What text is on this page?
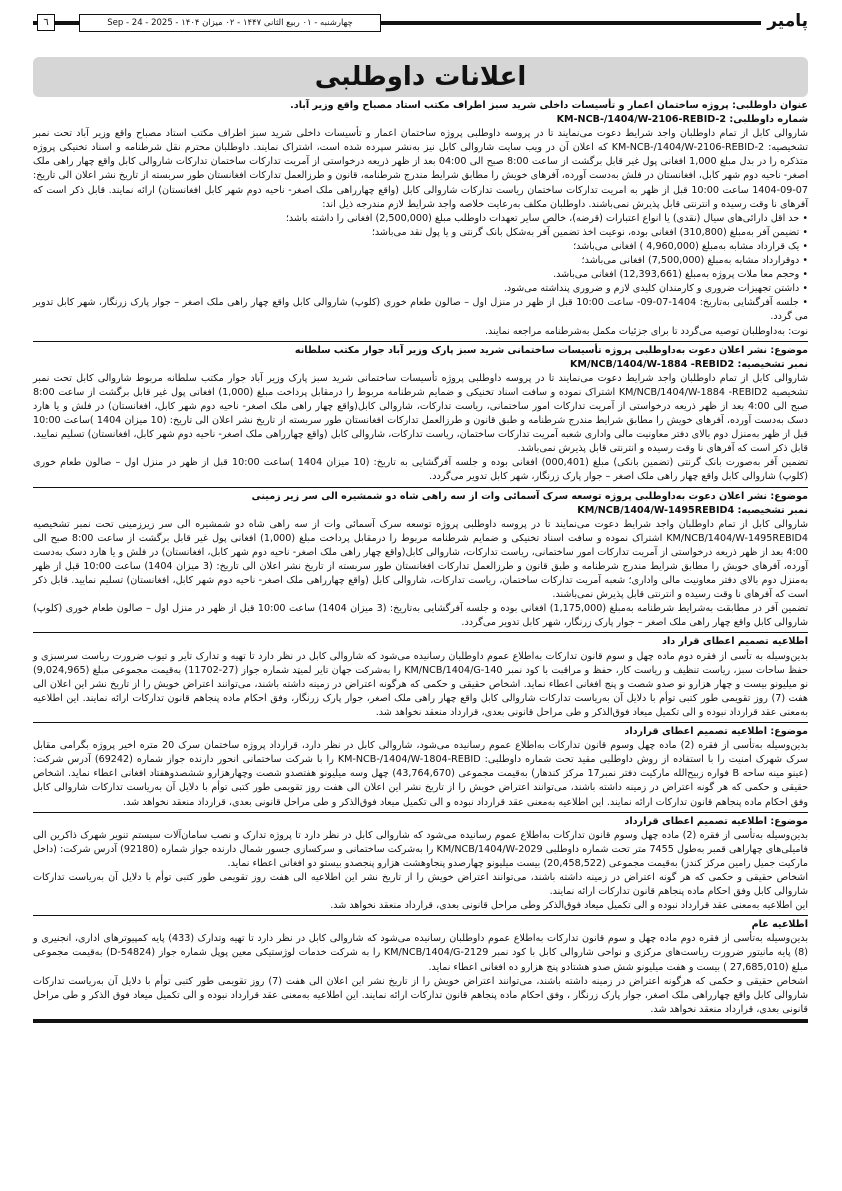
پامیر
چهارشنبه - ۰۱ ربیع الثانی ۱۴۴۷ - ۰۲ میزان ۱۴۰۴ - 2025 - 24 - Sep
٦
اعلانات داوطلبی

عنوان داوطلبی: پروژه ساختمان اعمار و تأسیسات داخلی شرید سبز اطراف مکتب استاد مصباح واقع وزیر آباد.

شماره داوطلبی: KM-NCB-/1404/W-2106-REBID-2

شاروالی کابل از تمام داوطلبان واجد شرایط دعوت می‌نمایند تا در پروسه داوطلبی پروژه ساختمان اعمار و تأسیسات داخلی شرید سبز اطراف مکتب استاد مصباح واقع وزیر آباد تحت نمبر تشخیصیه: KM-NCB-/1404/W-2106-REBID-2 که اعلان آن در ویب سایت شاروالی کابل نیز به‌نشر سپرده شده است، اشتراک نمایند. داوطلبان محترم نقل شرطنامه و اسناد تخنیکی پروژه متذکره را در بدل مبلغ 1,000 افغانی پول غیر قابل برگشت از ساعت 8:00 صبح الی 04:00 بعد از ظهر ذریعه درخواستی از آمریت تدارکات ساختمان تدارکات شاروالی کابل واقع چهار راهی ملک اصغر- ناحیه دوم شهر کابل، افغانستان در فلش به‌دست آورده، آفرهای خویش را مطابق شرایط مندرج شرطنامه، قانون و طرزالعمل تدارکات افغانستان طور سربسته از تاریخ نشر اعلان الی تاریخ: 07-09-1404 ساعت 10:00 قبل از ظهر به امریت تدارکات ساختمان ریاست تدارکات شاروالی کابل (واقع چهارراهی ملک اصغر- ناحیه دوم شهر کابل افغانستان) ارائه نمایند. قابل ذکر است که آفرهای نا وقت رسیده و انترنتی قابل پذیرش نمی‌باشند. داوطلبان مکلف به‌رعایت خلاصه واجد شرایط لازم مندرجه ذیل اند:

• حد اقل دارائی‌های سیال (نقدی) یا انواع اعتبارات (قرضه)، خالص سایر تعهدات داوطلب مبلغ (2,500,000) افغانی را داشته باشد؛
• تضیمن آفر به‌مبلغ (310,800) افغانی بوده، نوعیت اخذ تضمین آفر به‌شکل بانک گرنتی و یا پول نقد می‌باشد؛
• یک قرارداد مشابه به‌مبلغ (4,960,000 ) افغانی می‌باشد؛
• دوقرارداد مشابه به‌مبلغ (7,500,000) افغانی می‌باشد؛
• وحجم معا ملات پروژه به‌مبلغ (12,393,661) افغانی می‌باشد.
• داشتن تجهیزات ضروری و کارمندان کلیدی لازم و ضروری پنداشته می‌شود.
• جلسه آفرگشایی به‌تاریخ: 1404-07-09- ساعت 10:00 قبل از ظهر در منزل اول – صالون طعام خوری (کلوپ) شاروالی کابل واقع چهار راهی ملک اصغر – جوار پارک زرنگار، شهر کابل تدویر می گردد.

نوت: به‌داوطلبان توصیه می‌گردد تا برای جزئیات مکمل به‌شرطنامه مراجعه نمایند.

موضوع: نشر اعلان دعوت به‌داوطلبی پروژه تأسیسات ساختمانی شرید سبز پارک وزیر آباد جوار مکتب سلطانه

نمبر تشخیصیه: KM/NCB/1404/W-1884 -REBID2

شاروالی کابل از تمام داوطلبان واجد شرایط دعوت می‌نمایند تا در پروسه داوطلبی پروژه تأسیسات ساختمانی شرید سبز پارک وزیر آباد جوار مکتب سلطانه مربوط شاروالی کابل تحت نمبر تشخیصیه KM/NCB/1404/W-1884 -REBID2 اشتراک نموده و سافت اسناد تخنیکی و ضمایم شرطنامه مربوط را درمقابل پرداخت مبلغ (1,000) افغانی پول غیر قابل برگشت از ساعت 8:00 صبح الی 4:00 بعد از ظهر ذریعه درخواستی از آمریت تدارکات امور ساختمانی، ریاست تدارکات، شاروالی کابل(واقع چهار راهی ملک اصغر- ناحیه دوم شهر کابل، افغانستان) در فلش و یا هارد دسک به‌دست آورده، آفرهای خویش را مطابق شرایط مندرج شرطنامه و طبق قانون و طرزالعمل تدارکات افغانستان طور سربسته از تاریخ نشر اعلان الی تاریخ: (10 میزان 1404 )ساعت 10:00 قبل از ظهر به‌منزل دوم بالای دفتر معاونیت مالی واداری شعبه آمریت تدارکات ساختمان، ریاست تدارکات، شاروالی کابل (واقع چهارراهی ملک اصغر- ناحیه دوم شهر کابل، افغانستان) تسلیم نمایید. قابل ذکر است که آفرهای نا وقت رسیده و انترنتی قابل پذیرش نمی‌باشد.

تضمین آفر به‌صورت بانک گرنتی (تضمین بانکی) مبلغ (000,401) افغانی بوده و جلسه آفرگشایی به تاریخ: (10 میزان 1404 )ساعت 10:00 قبل از ظهر در منزل اول – صالون طعام خوری (کلوپ) شاروالی کابل واقع چهار راهی ملک اصغر – جوار پارک زرنگار، شهر کابل تدویر می‌گردد.

موضوع: نشر اعلان دعوت به‌داوطلبی پروژه توسعه سرک آسمائی وات از سه راهی شاه دو شمشیره الی سر زیر زمینی

نمبر تشخیصیه: KM/NCB/1404/W-1495REBID4

شاروالی کابل از تمام داوطلبان واجد شرایط دعوت می‌نمایند تا در پروسه داوطلبی پروژه توسعه سرک آسمائی وات از سه راهی شاه دو شمشیره الی سر زیرزمینی تحت نمبر تشخیصیه KM/NCB/1404/W-1495REBID4 اشتراک نموده و سافت اسناد تخنیکی و ضمایم شرطنامه مربوط را درمقابل پرداخت مبلغ (1,000) افغانی پول غیر قابل برگشت از ساعت 8:00 صبح الی 4:00 بعد از ظهر ذریعه درخواستی از آمریت تدارکات امور ساختمانی، ریاست تدارکات، شاروالی کابل(واقع چهار راهی ملک اصغر- ناحیه دوم شهر کابل، افغانستان) در فلش و یا هارد دسک به‌دست آورده، آفرهای خویش را مطابق شرایط مندرج شرطنامه و طبق قانون و طرزالعمل تدارکات افغانستان طور سربسته از تاریخ نشر اعلان الی تاریخ: (3 میزان 1404) ساعت 10:00 قبل از ظهر به‌منزل دوم بالای دفتر معاونیت مالی واداری؛ شعبه آمریت تدارکات ساختمان، ریاست تدارکات، شاروالی کابل (واقع چهارراهی ملک اصغر- ناحیه دوم شهر کابل، افغانستان) تسلیم نمایید. قابل ذکر است که آفرهای نا وقت رسیده و انترنتی قابل پذیرش نمی‌باشند.

تضمین آفر در مطابقت به‌شرایط شرطنامه به‌مبلغ (1,175,000) افغانی بوده و جلسه آفرگشایی به‌تاریخ: (3 میزان 1404) ساعت 10:00 قبل از ظهر در منزل اول – صالون طعام خوری (کلوپ) شاروالی کابل واقع چهار راهی ملک اصغر – جوار پارک زرنگار، شهر کابل تدویر می‌گردد.

اطلاعیه تصمیم اعطای قرار داد

بدین‌وسیله به تأسی از فقره دوم ماده چهل و سوم قانون تدارکات به‌اطلاع عموم داوطلبان رسانیده می‌شود که شاروالی کابل در نظر دارد تا تهیه و تدارک تایر و تیوب ضرورت ریاست سرسبزی و حفظ ساحات سبز، ریاست تنظیف و ریاست کار، حفظ و مراقبت با کود نمبر KM/NCB/1404/G-140 را به‌شرکت جهان تایر لمیټد شماره جواز (27-11702) به‌قیمت مجموعی مبلغ (9,024,965) نو میلیونو بیست و چهار هزارو نو صدو شصت و پنج افغانی اعطاء نماید. اشخاص حقیقی و حکمی که هرگونه اعتراض در زمینه داشته باشند، می‌توانند اعتراض خویش را از تاریخ نشر این اعلان الی هفت (7) روز تقویمی طور کتبی توأم با دلایل آن به‌ریاست تدارکات شاروالی کابل واقع چهار راهی ملک اصغر، جوار پارک زرنگار، وفق احکام ماده پنجاهم قانون تدارکات ارائه نمایند. این اطلاعیه به‌معنی عقد قرارداد نبوده و الی تکمیل میعاد فوق‌الذکر و طی مراحل قانونی بعدی، قرارداد منعقد نخواهد شد.

موضوع: اطلاعیه تصمیم اعطای قرارداد

بدین‌وسیله به‌تأسی از فقره (2) ماده چهل وسوم قانون تدارکات به‌اطلاع عموم رسانیده می‌شود، شاروالی کابل در نظر دارد، قرارداد پروژه ساختمان سرک 20 متره اخیر پروژه بگرامی مقابل سرک شهرک امنیت را با استفاده از روش داوطلبی مقید تحت شماره داوطلبی: KM-NCB-/1404/W-1804-REBID را با شرکت ساختمانی انحور دارنده جواز شماره (69242) آدرس شرکت: (عینو مینه ساحه B فواره زبیح‌الله مارکیت دفتر نمبر17 مرکز کندهار) به‌قیمت مجموعی (43,764,670) چهل وسه میلیونو هفتصدو شصت وچهارهزارو ششصدوهفتاد افغانی اعطاء نماید. اشخاص حقیقی و حکمی که هر گونه اعتراض در زمینه داشته باشند، می‌توانند اعتراض خویش را از تاریخ نشر این اعلان الی هفت روز تقویمی طور کتبی توأم با دلایل آن به‌ریاست تدارکات شاروالی کابل وفق احکام ماده پنجاهم قانون تدارکات ارائه نمایند. این اطلاعیه به‌معنی عقد قرارداد نبوده و الی تکمیل میعاد فوق‌الذکر و طی مراحل قانونی بعدی، قرارداد منعقد نخواهد شد.

موضوع: اطلاعیه تصمیم اعطای قرارداد

بدین‌وسیله به‌تأسی از فقره (2) ماده چهل وسوم قانون تدارکات به‌اطلاع عموم رسانیده می‌شود که شاروالی کابل در نظر دارد تا پروژه تدارک و نصب سامان‌آلات سیستم تنویر شهرک ذاکرین الی فامیلی‌های چهاراهی قمبر به‌طول 7455 متر تحت شماره داوطلبی KM/NCB/1404/W-2029 را به‌شرکت ساختمانی و سرکسازی جسور شمال دارنده جواز شماره (92180) آدرس شرکت: (داخل مارکیت جمیل رامین مرکز کندز) به‌قیمت مجموعی (20,458,522) بیست میلیونو چهارصدو پنجاوهشت هزارو پنجصدو بیستو دو افغانی اعطاء نماید.

اشخاص حقیقی و حکمی که هر گونه اعتراض در زمینه داشته باشند، می‌توانند اعتراض خویش را از تاریخ نشر این اطلاعیه الی هفت روز تقویمی طور کتبی توأم با دلایل آن به‌ریاست تدارکات شاروالی کابل وفق احکام ماده پنجاهم قانون تدارکات ارائه نمایند.

این اطلاعیه به‌معنی عقد قرارداد نبوده و الی تکمیل میعاد فوق‌الذکر وطی مراحل قانونی بعدی، قرارداد منعقد نخواهد شد.

اطلاعیه عام

بدین‌وسیله به‌تأسی از فقره دوم ماده چهل و سوم قانون تدارکات به‌اطلاع عموم داوطلبان رسانیده می‌شود که شاروالی کابل در نظر دارد تا تهیه وتدارک (433) پایه کمپیوترهای اداری، انجنیری و (8) پایه مانیتور ضرورت ریاست‌های مرکزی و نواحی شاروالی کابل با کود نمبر KM/NCB/1404/G-2129 را به شرکت خدمات لوژستیکی معین پوپل شماره جواز (D-54824) به‌قیمت مجموعی مبلغ (27,685,010 ) بیست و هفت میلیونو شش صدو هشتادو پنج هزارو ده افغانی اعطاء نماید.

اشخاص حقیقی و حکمی که هرگونه اعتراض در زمینه داشته باشند، می‌توانند اعتراض خویش را از تاریخ نشر این اعلان الی هفت (7) روز تقویمی طور کتبی توأم با دلایل آن به‌ریاست تدارکات شاروالی کابل واقع چهارراهی ملک اصغر، جوار پارک زرنگار ، وفق احکام ماده پنجاهم قانون تدارکات ارائه نمایند. این اطلاعیه به‌معنی عقد قرارداد نبوده و الی تکمیل میعاد فوق الذکر و طی مراحل قانونی بعدی، قرارداد منعقد نخواهد شد.
